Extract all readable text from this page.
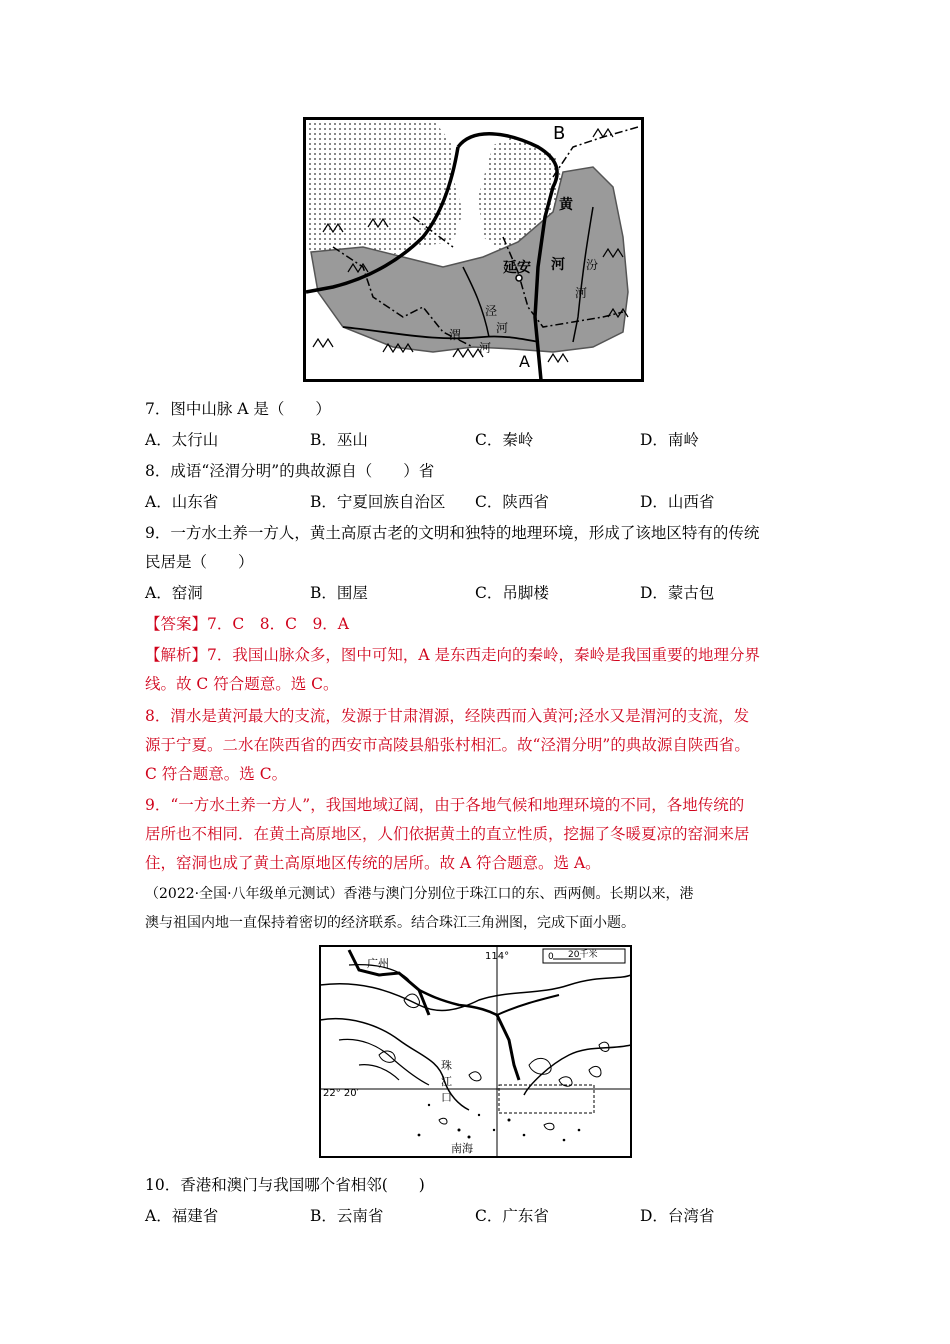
B
A
延安
黄
河 汾
河
泾
河
渭
河
7．图中山脉 A 是（　　）
A．太行山	B．巫山	C．秦岭	D．南岭
8．成语“泾渭分明”的典故源自（　　）省
A．山东省	B．宁夏回族自治区 C．陕西省	D．山西省
9．一方水土养一方人，黄土高原古老的文明和独特的地理环境，形成了该地区特有的传统
民居是（　　）
A．窑洞	B．围屋	C．吊脚楼	D．蒙古包
【答案】7．C　8．C　9．A
【解析】7．我国山脉众多，图中可知，A 是东西走向的秦岭，秦岭是我国重要的地理分界
线。故 C 符合题意。选 C。
8．渭水是黄河最大的支流，发源于甘肃渭源，经陕西而入黄河;泾水又是渭河的支流，发
源于宁夏。二水在陕西省的西安市高陵县船张村相汇。故“泾渭分明”的典故源自陕西省。
C 符合题意。选 C。
9．“一方水土养一方人”，我国地域辽阔，由于各地气候和地理环境的不同，各地传统的
居所也不相同．在黄土高原地区，人们依据黄土的直立性质，挖掘了冬暖夏凉的窑洞来居
住，窑洞也成了黄土高原地区传统的居所。故 A 符合题意。选 A。
（2022·全国·八年级单元测试）香港与澳门分别位于珠江口的东、西两侧。长期以来，港
澳与祖国内地一直保持着密切的经济联系。结合珠江三角洲图，完成下面小题。
0 20千米
广州
114°
22° 20′
珠
江
口
南海
10．香港和澳门与我国哪个省相邻(　　)
A．福建省	B．云南省	C．广东省	D．台湾省
